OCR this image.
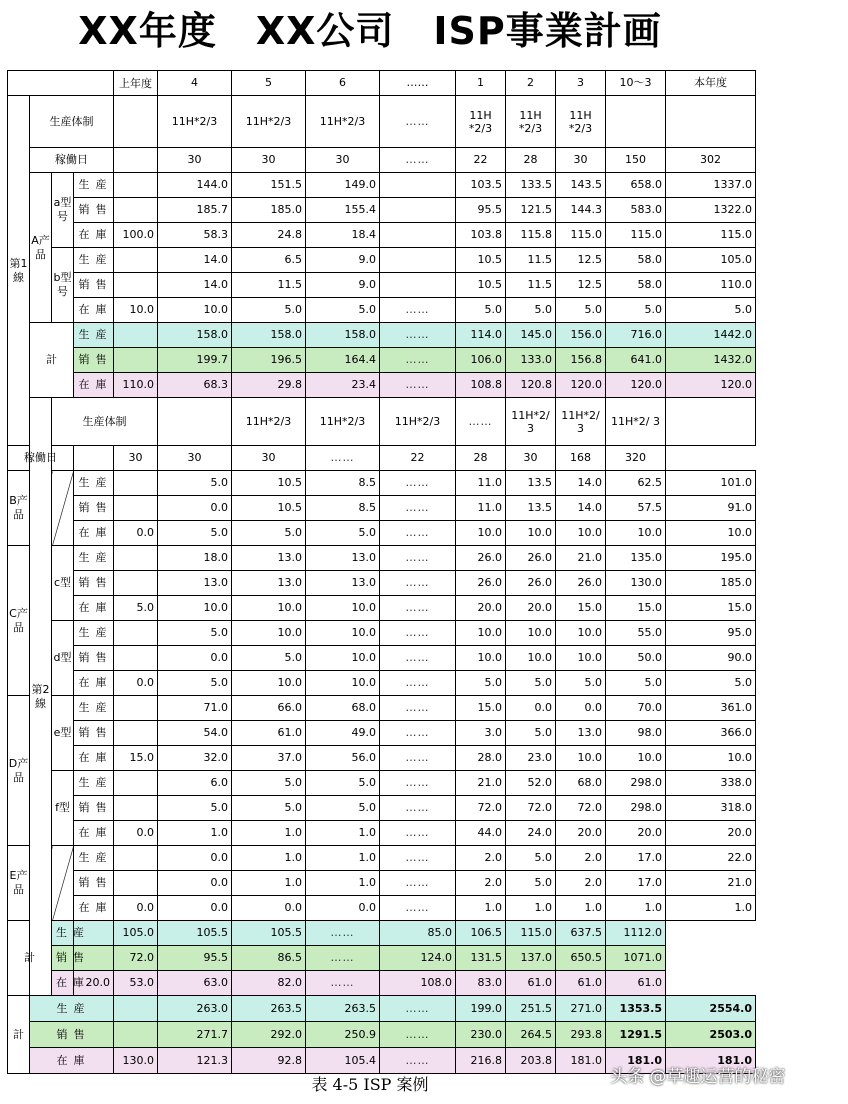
XX年度　XX公司　ISP事業計画
				上年度	4	5	6	……	1	2	3	10～3	本年度	
第1線	生産体制				11H*2/3	11H*2/3	11H*2/3	……	11H *2/3	11H *2/3	11H *2/3			
	稼働日				30	30	30	……	22	28	30	150	302	
	A产品	a型号	生産		144.0	151.5	149.0		103.5	133.5	143.5	658.0	1337.0	
			销售		185.7	185.0	155.4		95.5	121.5	144.3	583.0	1322.0	
			在庫	100.0	58.3	24.8	18.4		103.8	115.8	115.0	115.0	115.0	
		b型号	生産		14.0	6.5	9.0		10.5	11.5	12.5	58.0	105.0	
			销售		14.0	11.5	9.0		10.5	11.5	12.5	58.0	110.0	
			在庫	10.0	10.0	5.0	5.0	……	5.0	5.0	5.0	5.0	5.0	
	計		生産		158.0	158.0	158.0	……	114.0	145.0	156.0	716.0	1442.0	
			销售		199.7	196.5	164.4	……	106.0	133.0	156.8	641.0	1432.0	
			在庫	110.0	68.3	29.8	23.4	……	108.8	120.8	120.0	120.0	120.0	
	第2線	生産体制				11H*2/3	11H*2/3	11H*2/3	……	11H*2/ 3	11H*2/ 3	11H*2/ 3		
稼働日				30	30	30	……	22	28	30	168	320		
B产品			生産		5.0	10.5	8.5	……	11.0	13.5	14.0	62.5	101.0	
			销售		0.0	10.5	8.5	……	11.0	13.5	14.0	57.5	91.0	
			在庫	0.0	5.0	5.0	5.0	……	10.0	10.0	10.0	10.0	10.0	
C产品		c型	生産		18.0	13.0	13.0	……	26.0	26.0	21.0	135.0	195.0	
			销售		13.0	13.0	13.0	……	26.0	26.0	26.0	130.0	185.0	
			在庫	5.0	10.0	10.0	10.0	……	20.0	20.0	15.0	15.0	15.0	
		d型	生産		5.0	10.0	10.0	……	10.0	10.0	10.0	55.0	95.0	
			销售		0.0	5.0	10.0	……	10.0	10.0	10.0	50.0	90.0	
			在庫	0.0	5.0	10.0	10.0	……	5.0	5.0	5.0	5.0	5.0	
D产品		e型	生産		71.0	66.0	68.0	……	15.0	0.0	0.0	70.0	361.0	
			销售		54.0	61.0	49.0	……	3.0	5.0	13.0	98.0	366.0	
			在庫	15.0	32.0	37.0	56.0	……	28.0	23.0	10.0	10.0	10.0	
		f型	生産		6.0	5.0	5.0	……	21.0	52.0	68.0	298.0	338.0	
			销售		5.0	5.0	5.0	……	72.0	72.0	72.0	298.0	318.0	
			在庫	0.0	1.0	1.0	1.0	……	44.0	24.0	20.0	20.0	20.0	
E产品			生産		0.0	1.0	1.0	……	2.0	5.0	2.0	17.0	22.0	
			销售		0.0	1.0	1.0	……	2.0	5.0	2.0	17.0	21.0	
			在庫	0.0	0.0	0.0	0.0	……	1.0	1.0	1.0	1.0	1.0	
計		生産		105.0	105.5	105.5	……	85.0	106.5	115.0	637.5	1112.0		
		销售		72.0	95.5	86.5	……	124.0	131.5	137.0	650.5	1071.0		
		在庫	20.0	53.0	63.0	82.0	……	108.0	83.0	61.0	61.0	61.0		
計	生産				263.0	263.5	263.5	……	199.0	251.5	271.0	1353.5	2554.0	
	销售				271.7	292.0	250.9	……	230.0	264.5	293.8	1291.5	2503.0	
	在庫			130.0	121.3	92.8	105.4	……	216.8	203.8	181.0	181.0	181.0	
表 4-5 ISP 案例	头条 @草趣运营的秘密
